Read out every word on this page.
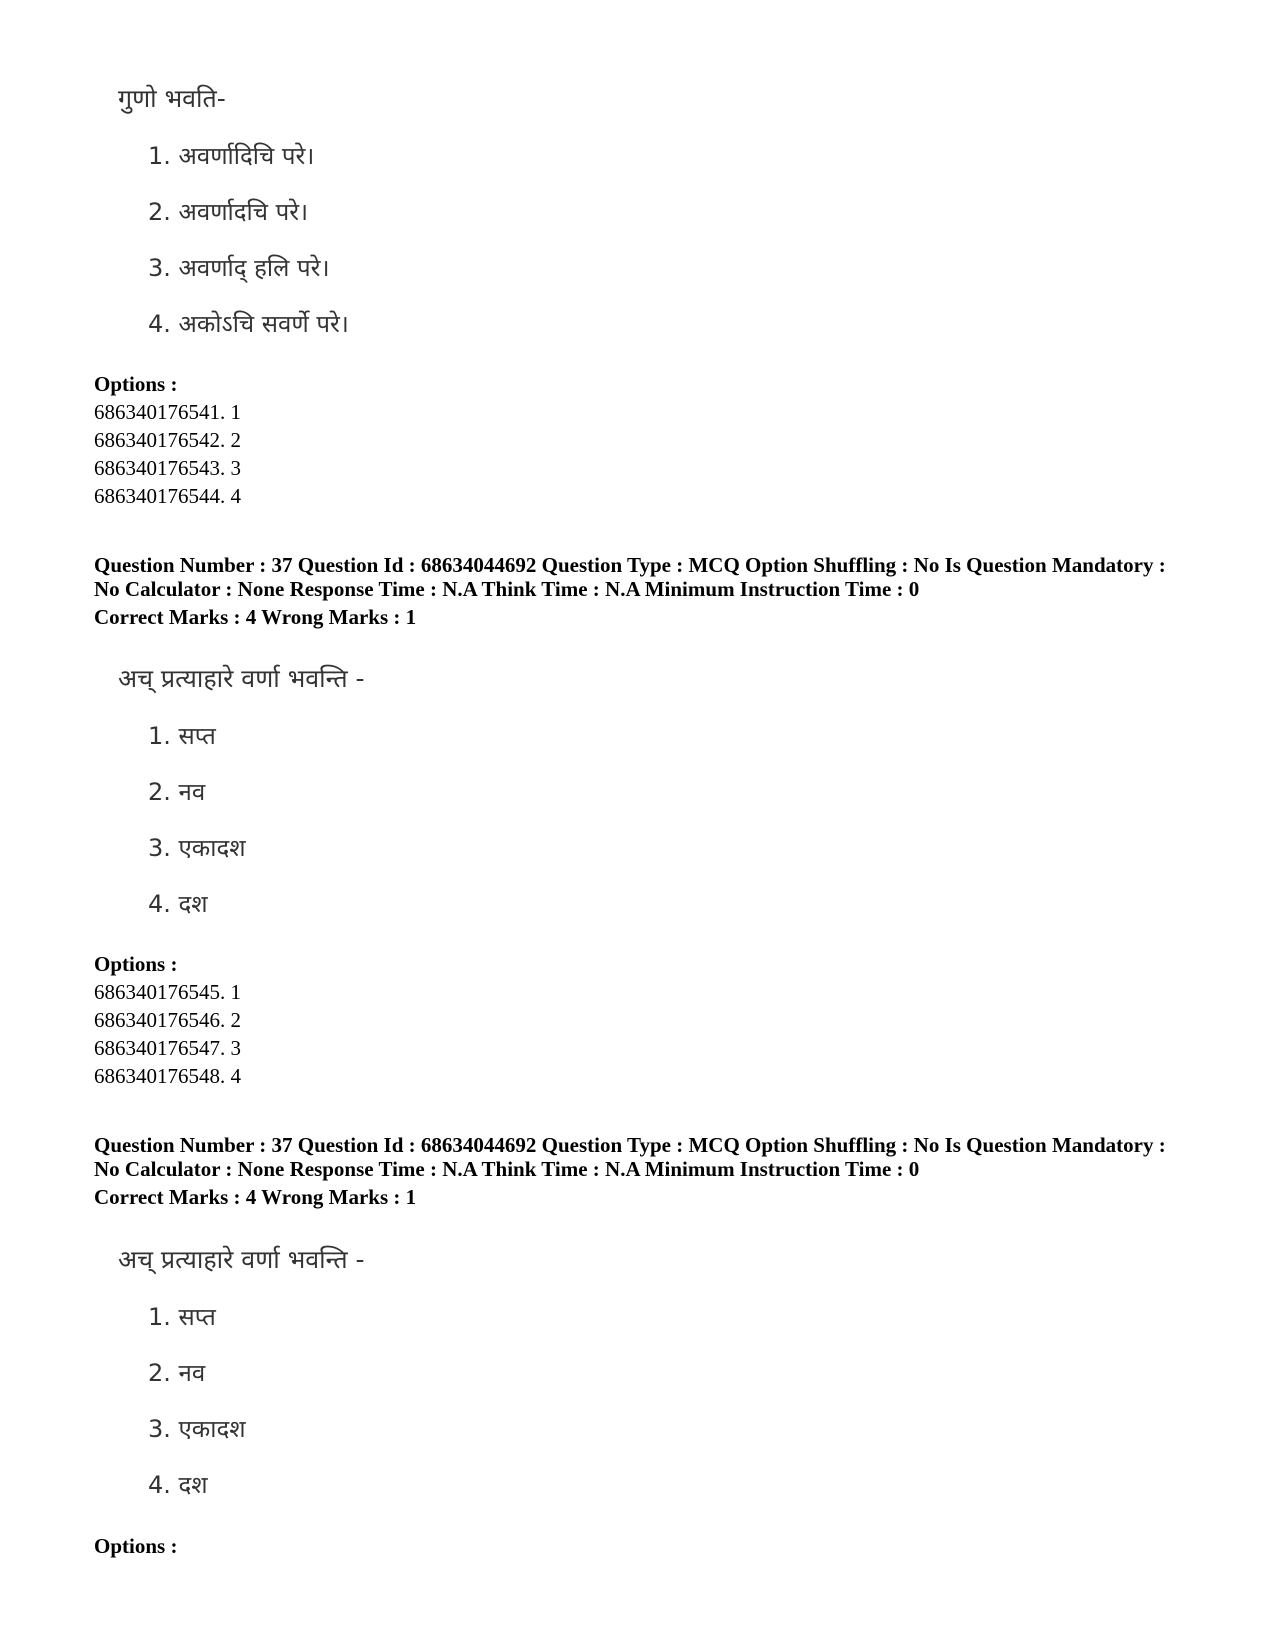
गुणो भवति-
1. अवर्णादिचि परे।
2. अवर्णादचि परे।
3. अवर्णाद् हलि परे।
4. अकोऽचि सवर्णे परे।
Options :
686340176541. 1
686340176542. 2
686340176543. 3
686340176544. 4
Question Number : 37 Question Id : 68634044692 Question Type : MCQ Option Shuffling : No Is Question Mandatory :
No Calculator : None Response Time : N.A Think Time : N.A Minimum Instruction Time : 0
Correct Marks : 4 Wrong Marks : 1
अच् प्रत्याहारे वर्णा भवन्ति -
1. सप्त
2. नव
3. एकादश
4. दश
Options :
686340176545. 1
686340176546. 2
686340176547. 3
686340176548. 4
Question Number : 37 Question Id : 68634044692 Question Type : MCQ Option Shuffling : No Is Question Mandatory :
No Calculator : None Response Time : N.A Think Time : N.A Minimum Instruction Time : 0
Correct Marks : 4 Wrong Marks : 1
अच् प्रत्याहारे वर्णा भवन्ति -
1. सप्त
2. नव
3. एकादश
4. दश
Options :
